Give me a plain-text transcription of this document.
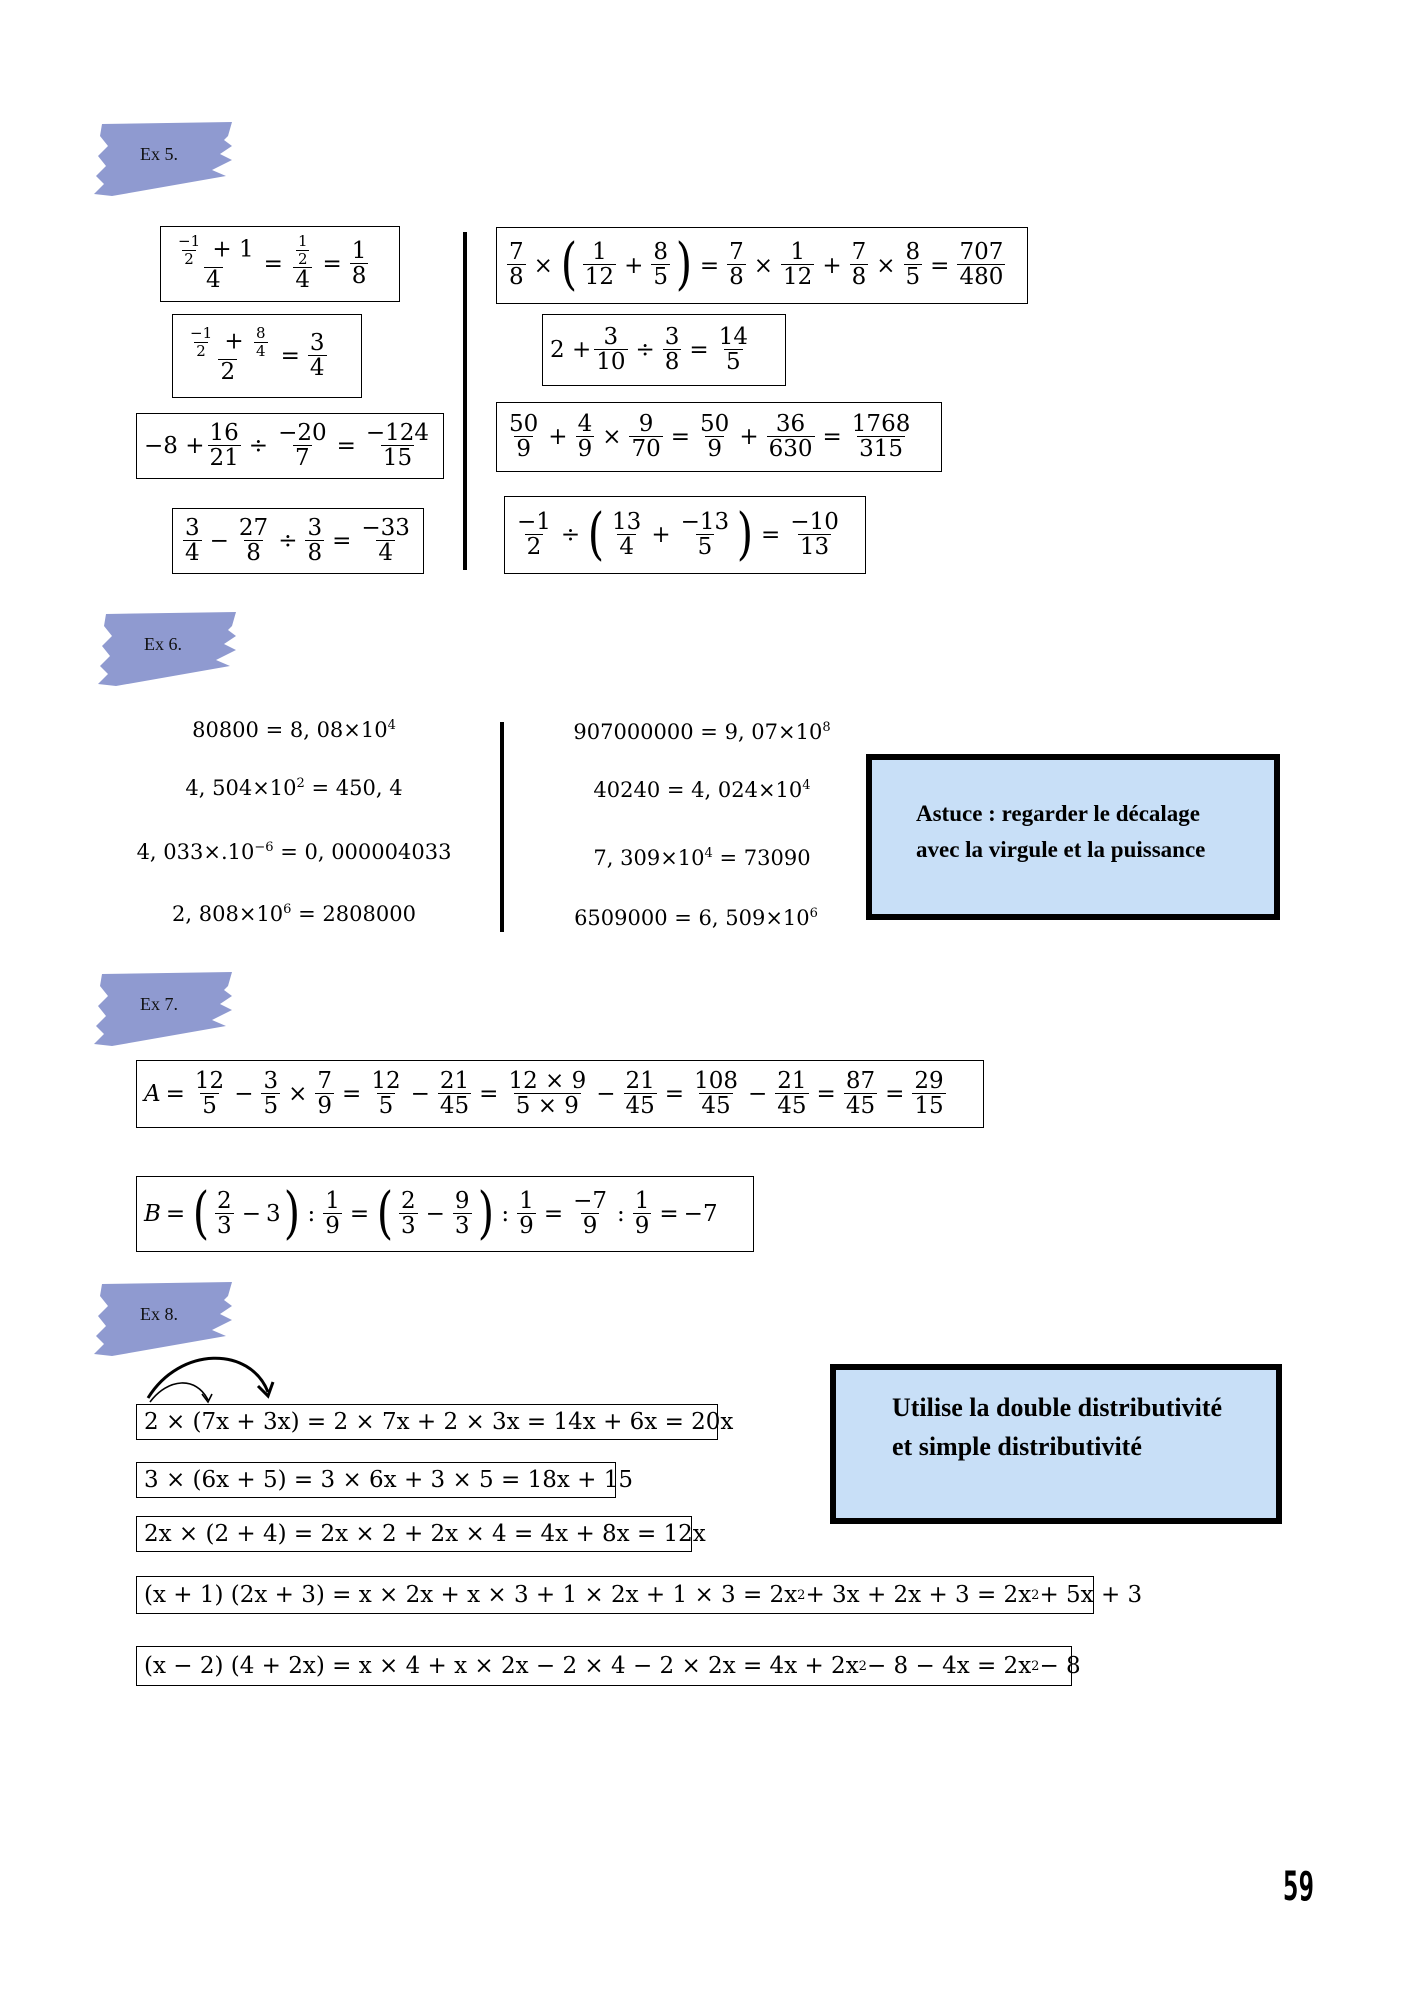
Ex 5.
$\frac{\frac{-1}{2} + 1}{4} = \frac{\frac{1}{2}}{4} = \frac{1}{8}$
$\frac{\frac{-1}{2} + \frac{8}{4}}{2} = \frac{3}{4}$
$-8 + \frac{16}{21} \div \frac{-20}{7} = \frac{-124}{15}$
$\frac{3}{4} - \frac{27}{8} \div \frac{3}{8} = \frac{-33}{4}$
$\frac{7}{8}$ × ( $\frac{1}{12} + \frac{8}{5}$ ) = $\frac{7}{8} \times \frac{1}{12} + \frac{7}{8} \times \frac{8}{5} = \frac{707}{480}$
$2 + \frac{3}{10} \div \frac{3}{8} = \frac{14}{5}$
$\frac{50}{9} + \frac{4}{9} \times \frac{9}{70} = \frac{50}{9} + \frac{36}{630} = \frac{1768}{315}$
$\frac{-1}{2}$ ÷ ( $\frac{13}{4} + \frac{-13}{5}$ ) = $\frac{-10}{13}$
Ex 6.
80800 = 8, $08\times 10^4$
4, $504\times 10^2 = 450$, 4
4, $033\times.10^{-6} = 0$, 000004033
2, $808\times 10^6 = 2808000$
907000000 = 9, $07\times 10^8$
40240 = 4, $024\times 10^4$
7, $309\times 10^4 = 73090$
6509000 = 6, $509\times 10^6$
Astuce : regarder le décalage avec la virgule et la puissance
Ex 7.
$A = \frac{12}{5} - \frac{3}{5} \times \frac{7}{9} = \frac{12}{5} - \frac{21}{45} = \frac{12 \times 9}{5 \times 9} - \frac{21}{45} = \frac{108}{45} - \frac{21}{45} = \frac{87}{45} = \frac{29}{15}$
B = ( $\frac{2}{3} - 3$ ) : $\frac{1}{9}$ = ( $\frac{2}{3} - \frac{9}{3}$ ) : $\frac{1}{9} = \frac{-7}{9}$ : $\frac{1}{9} = -7$
Ex 8.
2 × (7x + 3x) = 2 × 7x + 2 × 3x = 14x + 6x = 20x
3 × (6x + 5) = 3 × 6x + 3 × 5 = 18x + 15
2x × (2 + 4) = 2x × 2 + 2x × 4 = 4x + 8x = 12x
(x + 1) (2x + 3) = x × 2x + x × 3 + 1 × 2x + 1 × 3 = 2x 2 + 3x + 2x + 3 = 2x 2 + 5x + 3
(x − 2) (4 + 2x) = x × 4 + x × 2x − 2 × 4 − 2 × 2x = 4x + 2x 2 − 8 − 4x = 2x 2 − 8
Utilise la double distributivité et simple distributivité
59
